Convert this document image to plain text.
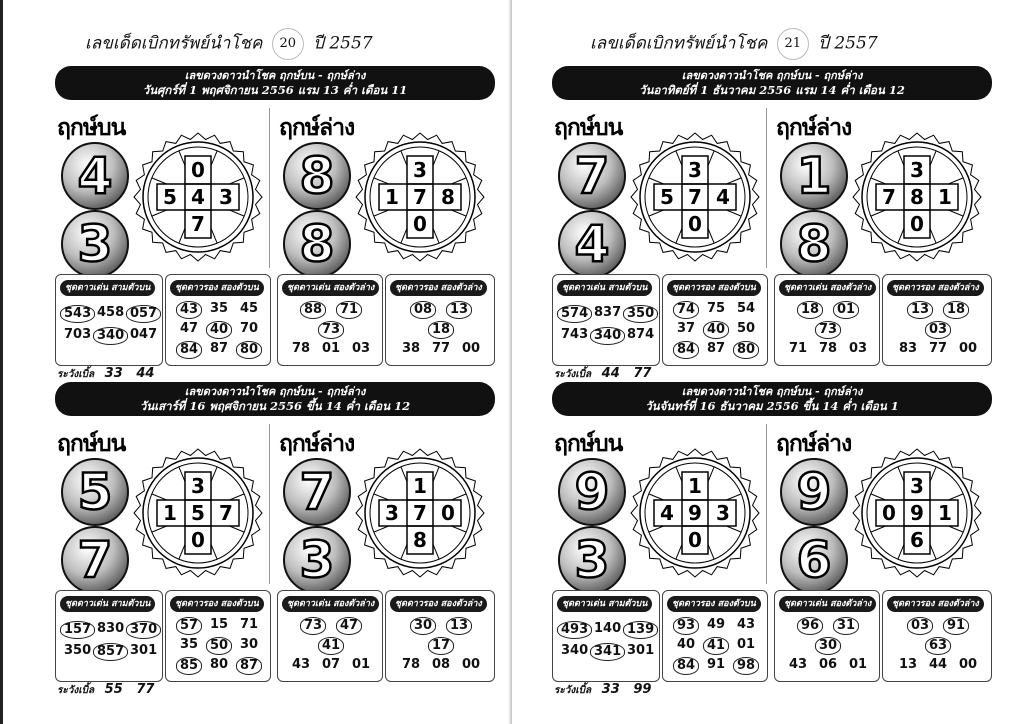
เลขเด็ดเบิกทรัพย์นำโชค 20 ปี 2557
เลขดวงดาวนำโชค ฤกษ์บน - ฤกษ์ล่าง
วันศุกร์ที่ 1 พฤศจิกายน 2556 แรม 13 ค่ำ เดือน 11
ฤกษ์บน
4
3
0
5 4 3
7
ฤกษ์ล่าง
8
8
3
1 7 8
0
ชุดดาวเด่น สามตัวบน
543 458 057
703 340 047
ชุดดาวรอง สองตัวบน
43 35 45
47 40 70
84 87 80
ชุดดาวเด่น สองตัวล่าง
88	71
73
78 01 03
ชุดดาวรอง สองตัวล่าง
08	13
18
38 77 00
ระวังเบิ้ล 33 44
เลขดวงดาวนำโชค ฤกษ์บน - ฤกษ์ล่าง
วันเสาร์ที่ 16 พฤศจิกายน 2556 ขึ้น 14 ค่ำ เดือน 12
ฤกษ์บน
5
7
3
1 5 7
0
ฤกษ์ล่าง
7
3
1
3 7 0
8
ชุดดาวเด่น สามตัวบน
157 830 370
350 857 301
ชุดดาวรอง สองตัวบน
57 15 71
35 50 30
85 80 87
ชุดดาวเด่น สองตัวล่าง
73	47
41
43 07 01
ชุดดาวรอง สองตัวล่าง
30	13
17
78 08 00
ระวังเบิ้ล 55 77
เลขเด็ดเบิกทรัพย์นำโชค 21 ปี 2557
เลขดวงดาวนำโชค ฤกษ์บน - ฤกษ์ล่าง
วันอาทิตย์ที่ 1 ธันวาคม 2556 แรม 14 ค่ำ เดือน 12
ฤกษ์บน
7
4
3
5 7 4
0
ฤกษ์ล่าง
1
8
3
7 8 1
0
ชุดดาวเด่น สามตัวบน
574 837 350
743 340 874
ชุดดาวรอง สองตัวบน
74 75 54
37 40 50
84 87 80
ชุดดาวเด่น สองตัวล่าง
18	01
73
71 78 03
ชุดดาวรอง สองตัวล่าง
13	18
03
83 77 00
ระวังเบิ้ล 44 77
เลขดวงดาวนำโชค ฤกษ์บน - ฤกษ์ล่าง
วันจันทร์ที่ 16 ธันวาคม 2556 ขึ้น 14 ค่ำ เดือน 1
ฤกษ์บน
9
3
1
4 9 3
0
ฤกษ์ล่าง
9
6
3
0 9 1
6
ชุดดาวเด่น สามตัวบน
493 140 139
340 341 301
ชุดดาวรอง สองตัวบน
93 49 43
40 41 01
84 91 98
ชุดดาวเด่น สองตัวล่าง
96	31
30
43 06 01
ชุดดาวรอง สองตัวล่าง
03	91
63
13 44 00
ระวังเบิ้ล 33 99
